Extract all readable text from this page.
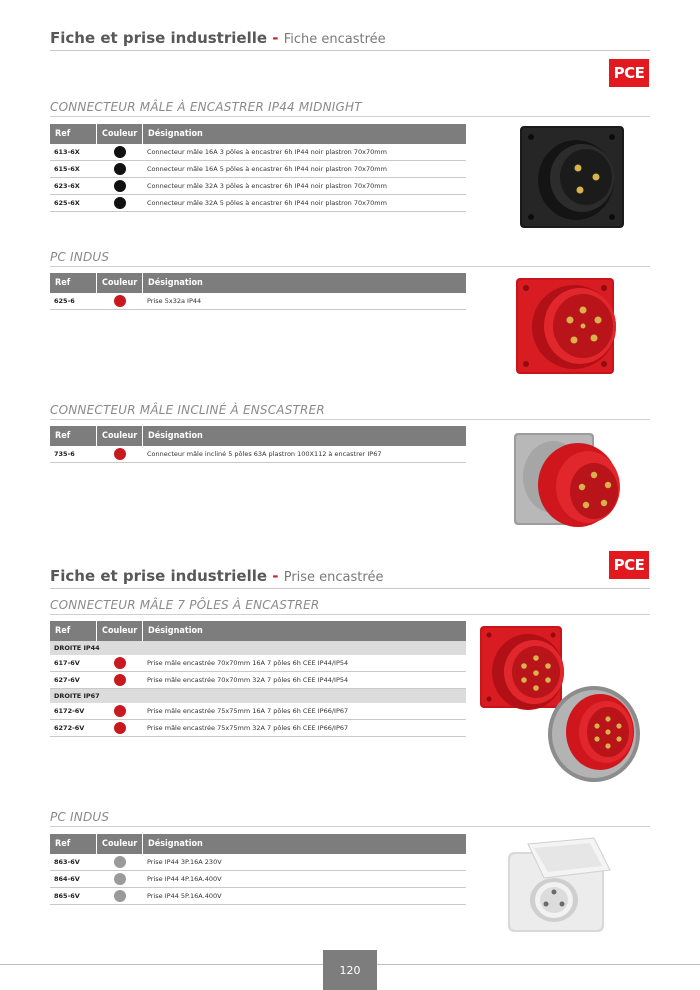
Fiche et prise industrielle - Fiche encastrée
PCE
CONNECTEUR MÂLE À ENCASTRER IP44 MIDNIGHT
Ref	Couleur	Désignation
613-6X	Connecteur mâle 16A 3 pôles à encastrer 6h IP44 noir plastron 70x70mm
615-6X	Connecteur mâle 16A 5 pôles à encastrer 6h IP44 noir plastron 70x70mm
623-6X	Connecteur mâle 32A 3 pôles à encastrer 6h IP44 noir plastron 70x70mm
625-6X	Connecteur mâle 32A 5 pôles à encastrer 6h IP44 noir plastron 70x70mm
PC INDUS
Ref	Couleur	Désignation
625-6	Prise 5x32a IP44
CONNECTEUR MÂLE INCLINÉ À ENSCASTRER
Ref	Couleur	Désignation
735-6	Connecteur mâle incliné 5 pôles 63A plastron 100X112 à encastrer IP67
PCE
Fiche et prise industrielle - Prise encastrée
CONNECTEUR MÂLE 7 PÔLES À ENCASTRER
Ref	Couleur	Désignation
DROITE IP44
617-6V	Prise mâle encastrée 70x70mm 16A 7 pôles 6h CEE IP44/IP54
627-6V	Prise mâle encastrée 70x70mm 32A 7 pôles 6h CEE IP44/IP54
DROITE IP67
6172-6V	Prise mâle encastrée 75x75mm 16A 7 pôles 6h CEE IP66/IP67
6272-6V	Prise mâle encastrée 75x75mm 32A 7 pôles 6h CEE IP66/IP67
PC INDUS
Ref	Couleur	Désignation
863-6V	Prise IP44 3P.16A 230V
864-6V	Prise IP44 4P.16A.400V
865-6V	Prise IP44 5P.16A.400V
120
